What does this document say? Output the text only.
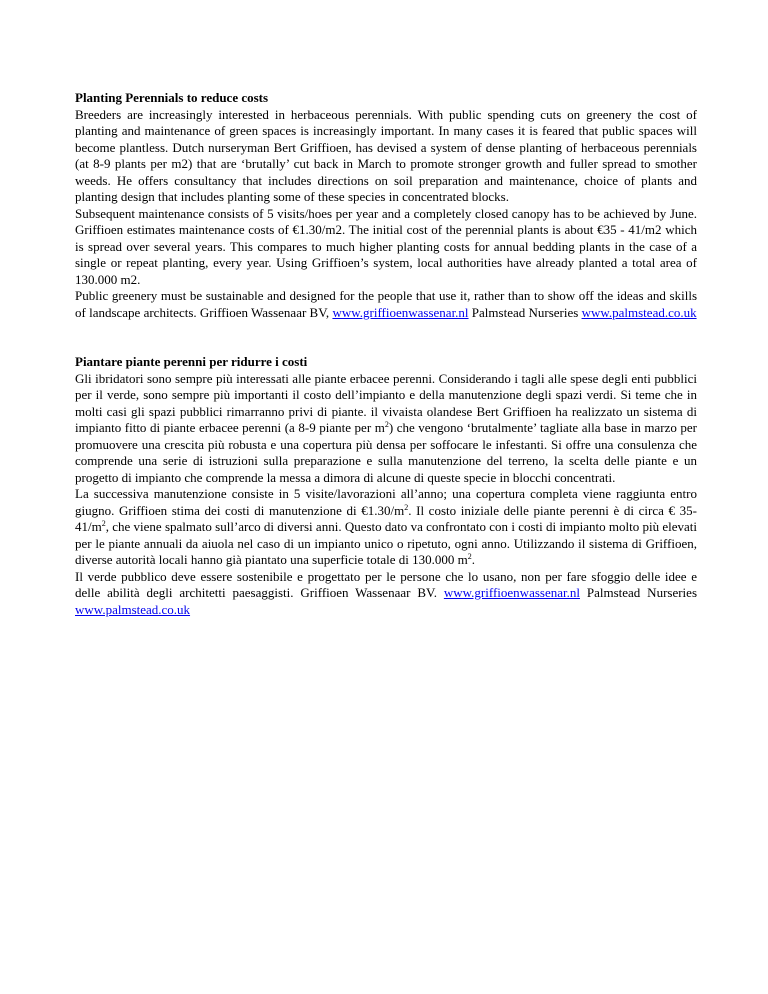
Planting Perennials to reduce costs

Breeders are increasingly interested in herbaceous perennials. With public spending cuts on greenery the cost of planting and maintenance of green spaces is increasingly important. In many cases it is feared that public spaces will become plantless. Dutch nurseryman Bert Griffioen, has devised a system of dense planting of herbaceous perennials (at 8-9 plants per m2) that are ‘brutally’ cut back in March to promote stronger growth and fuller spread to smother weeds. He offers consultancy that includes directions on soil preparation and maintenance, choice of plants and planting design that includes planting some of these species in concentrated blocks.

Subsequent maintenance consists of 5 visits/hoes per year and a completely closed canopy has to be achieved by June. Griffioen estimates maintenance costs of €1.30/m2. The initial cost of the perennial plants is about €35 - 41/m2 which is spread over several years. This compares to much higher planting costs for annual bedding plants in the case of a single or repeat planting, every year. Using Griffioen’s system, local authorities have already planted a total area of 130.000 m2.

Public greenery must be sustainable and designed for the people that use it, rather than to show off the ideas and skills of landscape architects. Griffioen Wassenaar BV, www.griffioenwassenar.nl Palmstead Nurseries www.palmstead.co.uk

Piantare piante perenni per ridurre i costi

Gli ibridatori sono sempre più interessati alle piante erbacee perenni. Considerando i tagli alle spese degli enti pubblici per il verde, sono sempre più importanti il costo dell’impianto e della manutenzione degli spazi verdi. Si teme che in molti casi gli spazi pubblici rimarranno privi di piante. il vivaista olandese Bert Griffioen ha realizzato un sistema di impianto fitto di piante erbacee perenni (a 8-9 piante per $m^2$) che vengono ‘brutalmente’ tagliate alla base in marzo per promuovere una crescita più robusta e una copertura più densa per soffocare le infestanti. Si offre una consulenza che comprende una serie di istruzioni sulla preparazione e sulla manutenzione del terreno, la scelta delle piante e un progetto di impianto che comprende la messa a dimora di alcune di queste specie in blocchi concentrati.

La successiva manutenzione consiste in 5 visite/lavorazioni all’anno; una copertura completa viene raggiunta entro giugno. Griffioen stima dei costi di manutenzione di $€1.30/m^2$. Il costo iniziale delle piante perenni è di circa € $35-41/m^2$, che viene spalmato sull’arco di diversi anni. Questo dato va confrontato con i costi di impianto molto più elevati per le piante annuali da aiuola nel caso di un impianto unico o ripetuto, ogni anno. Utilizzando il sistema di Griffioen, diverse autorità locali hanno già piantato una superficie totale di 130.000 $m^2$.

Il verde pubblico deve essere sostenibile e progettato per le persone che lo usano, non per fare sfoggio delle idee e delle abilità degli architetti paesaggisti. Griffioen Wassenaar BV. www.griffioenwassenar.nl Palmstead Nurseries www.palmstead.co.uk
